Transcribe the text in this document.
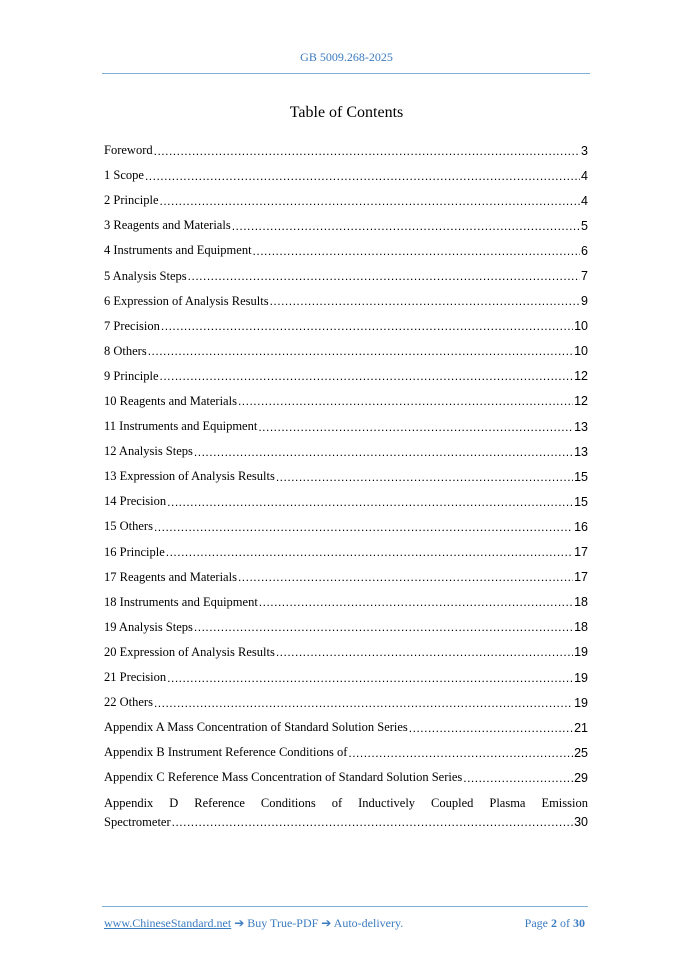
GB 5009.268-2025
Table of Contents
Foreword .....	3
1 Scope .....	4
2 Principle .....	4
3 Reagents and Materials .....	5
4 Instruments and Equipment .....	6
5 Analysis Steps .....	7
6 Expression of Analysis Results .....	9
7 Precision .....	10
8 Others .....	10
9 Principle .....	12
10 Reagents and Materials .....	12
11 Instruments and Equipment .....	13
12 Analysis Steps .....	13
13 Expression of Analysis Results .....	15
14 Precision .....	15
15 Others .....	16
16 Principle .....	17
17 Reagents and Materials .....	17
18 Instruments and Equipment .....	18
19 Analysis Steps .....	18
20 Expression of Analysis Results .....	19
21 Precision .....	19
22 Others .....	19
Appendix A Mass Concentration of Standard Solution Series .....	21
Appendix B Instrument Reference Conditions of .....	25
Appendix C Reference Mass Concentration of Standard Solution Series .....	29
Appendix D Reference Conditions of Inductively Coupled Plasma Emission
Spectrometer .....	30
www.ChineseStandard.net ➔ Buy True-PDF ➔ Auto-delivery.	Page 2 of 30
